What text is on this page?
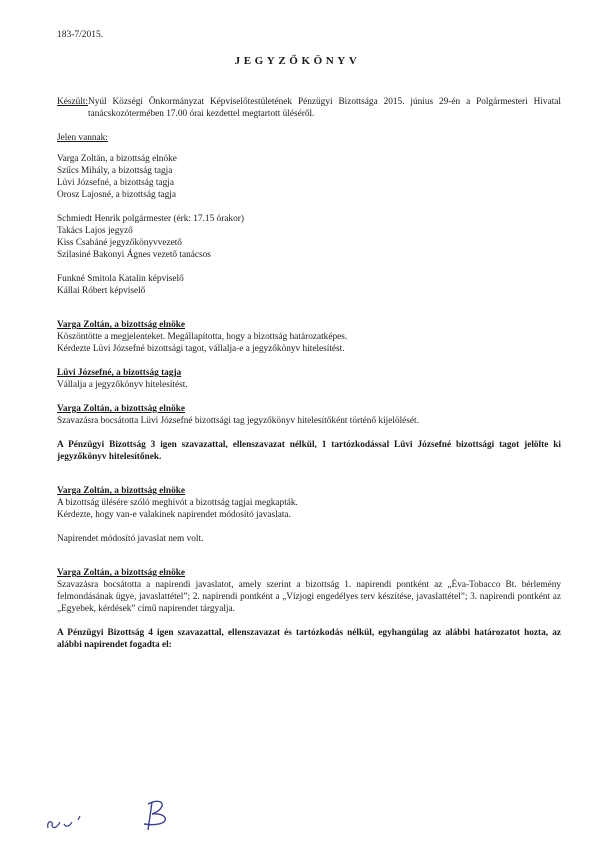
183-7/2015.
JEGYZŐKÖNYV
Készült: Nyúl Községi Önkormányzat Képviselőtestületének Pénzügyi Bizottsága 2015. június 29-én a Polgármesteri Hivatal tanácskozótermében 17.00 órai kezdettel megtartott üléséről.

Jelen vannak:

Varga Zoltán, a bizottság elnöke

Szűcs Mihály, a bizottság tagja

Lüvi Józsefné, a bizottság tagja

Orosz Lajosné, a bizottság tagja

Schmiedt Henrik polgármester (érk: 17.15 órakor)

Takács Lajos jegyző

Kiss Csabáné jegyzőkönyvvezető

Szilasiné Bakonyi Ágnes vezető tanácsos

Funkné Smitola Katalin képviselő

Kállai Róbert képviselő

Varga Zoltán, a bizottság elnöke

Köszöntötte a megjelenteket. Megállapította, hogy a bizottság határozatképes.

Kérdezte Lüvi Józsefné bizottsági tagot, vállalja-e a jegyzőkönyv hitelesítést.

Lüvi Józsefné, a bizottság tagja

Vállalja a jegyzőkönyv hitelesítést.

Varga Zoltán, a bizottság elnöke

Szavazásra bocsátotta Lüvi Józsefné bizottsági tag jegyzőkönyv hitelesítőként történő kijelölését.

A Pénzügyi Bizottság 3 igen szavazattal, ellenszavazat nélkül, 1 tartózkodással Lüvi Józsefné bizottsági tagot jelölte ki jegyzőkönyv hitelesítőnek.

Varga Zoltán, a bizottság elnöke

A bizottság ülésére szóló meghívót a bizottság tagjai megkapták.

Kérdezte, hogy van-e valakinek napirendet módosító javaslata.

Napirendet módosító javaslat nem volt.

Varga Zoltán, a bizottság elnöke

Szavazásra bocsátotta a napirendi javaslatot, amely szerint a bizottság 1. napirendi pontként az „Éva-Tobacco Bt. bérlemény felmondásának ügye, javaslattétel”; 2. napirendi pontként a „Vízjogi engedélyes terv készítése, javaslattétel”; 3. napirendi pontként az „Egyebek, kérdések” című napirendet tárgyalja.

A Pénzügyi Bizottság 4 igen szavazattal, ellenszavazat és tartózkodás nélkül, egyhangúlag az alábbi határozatot hozta, az alábbi napirendet fogadta el:
